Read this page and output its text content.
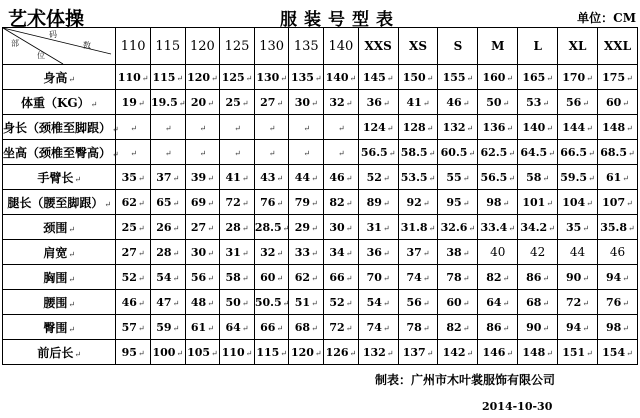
艺术体操	服装号型表	单位：CM
码
数
部
位	110	115	120	125	130	135	140	XXS	XS	S	M	L	XL	XXL
身高↵	110↵	115↵	120↵	125↵	130↵	135↵	140↵	145↵	150↵	155↵	160↵	165↵	170↵	175↵
体重（KG）↵	19↵	19.5↵	20↵	25↵	27↵	30↵	32↵	36↵	41↵	46↵	50↵	53↵	56↵	60↵
身长（颈椎至脚跟）↵	↵	↵	↵	↵	↵	↵	↵	124↵	128↵	132↵	136↵	140↵	144↵	148↵
坐高（颈椎至臀高）↵	↵	↵	↵	↵	↵	↵	↵	56.5↵	58.5↵	60.5↵	62.5↵	64.5↵	66.5↵	68.5↵
手臂长↵	35↵	37↵	39↵	41↵	43↵	44↵	46↵	52↵	53.5↵	55↵	56.5↵	58↵	59.5↵	61↵
腿长（腰至脚跟）↵	62↵	65↵	69↵	72↵	76↵	79↵	82↵	89↵	92↵	95↵	98↵	101↵	104↵	107↵
颈围↵	25↵	26↵	27↵	28↵	28.5↵	29↵	30↵	31↵	31.8↵	32.6↵	33.4↵	34.2↵	35↵	35.8↵
肩宽↵	27↵	28↵	30↵	31↵	32↵	33↵	34↵	36↵	37↵	38↵	40	42	44	46
胸围↵	52↵	54↵	56↵	58↵	60↵	62↵	66↵	70↵	74↵	78↵	82↵	86↵	90↵	94↵
腰围↵	46↵	47↵	48↵	50↵	50.5↵	51↵	52↵	54↵	56↵	60↵	64↵	68↵	72↵	76↵
臀围↵	57↵	59↵	61↵	64↵	66↵	68↵	72↵	74↵	78↵	82↵	86↵	90↵	94↵	98↵
前后长↵	95↵	100↵	105↵	110↵	115↵	120↵	126↵	132↵	137↵	142↵	146↵	148↵	151↵	154↵
制表：广州市木叶裳服饰有限公司
2014-10-30
